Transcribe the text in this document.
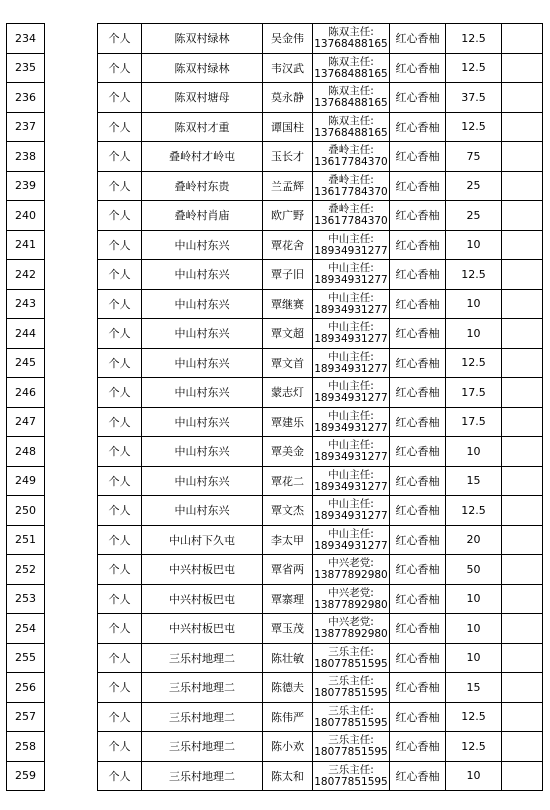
234		个人	陈双村绿林	吴金伟	陈双主任:
13768488165	红心香柚	12.5	
235		个人	陈双村绿林	韦汉武	陈双主任:
13768488165	红心香柚	12.5	
236		个人	陈双村塘母	莫永静	陈双主任:
13768488165	红心香柚	37.5	
237		个人	陈双村才重	谭国柱	陈双主任:
13768488165	红心香柚	12.5	
238		个人	叠岭村才岭屯	玉长才	叠岭主任:
13617784370	红心香柚	75	
239		个人	叠岭村东贵	兰孟辉	叠岭主任:
13617784370	红心香柚	25	
240		个人	叠岭村肖庙	欧广野	叠岭主任:
13617784370	红心香柚	25	
241		个人	中山村东兴	覃花舍	中山主任:
18934931277	红心香柚	10	
242		个人	中山村东兴	覃子旧	中山主任:
18934931277	红心香柚	12.5	
243		个人	中山村东兴	覃继赛	中山主任:
18934931277	红心香柚	10	
244		个人	中山村东兴	覃文超	中山主任:
18934931277	红心香柚	10	
245		个人	中山村东兴	覃文首	中山主任:
18934931277	红心香柚	12.5	
246		个人	中山村东兴	蒙志灯	中山主任:
18934931277	红心香柚	17.5	
247		个人	中山村东兴	覃建乐	中山主任:
18934931277	红心香柚	17.5	
248		个人	中山村东兴	覃美金	中山主任:
18934931277	红心香柚	10	
249		个人	中山村东兴	覃花二	中山主任:
18934931277	红心香柚	15	
250		个人	中山村东兴	覃文杰	中山主任:
18934931277	红心香柚	12.5	
251		个人	中山村下久屯	李太甲	中山主任:
18934931277	红心香柚	20	
252		个人	中兴村板巴屯	覃省两	中兴老党:
13877892980	红心香柚	50	
253		个人	中兴村板巴屯	覃寨理	中兴老党:
13877892980	红心香柚	10	
254		个人	中兴村板巴屯	覃玉茂	中兴老党:
13877892980	红心香柚	10	
255		个人	三乐村地理二	陈壮敏	三乐主任:
18077851595	红心香柚	10	
256		个人	三乐村地理二	陈德夫	三乐主任:
18077851595	红心香柚	15	
257		个人	三乐村地理二	陈伟严	三乐主任:
18077851595	红心香柚	12.5	
258		个人	三乐村地理二	陈小欢	三乐主任:
18077851595	红心香柚	12.5	
259		个人	三乐村地理二	陈太和	三乐主任:
18077851595	红心香柚	10	
